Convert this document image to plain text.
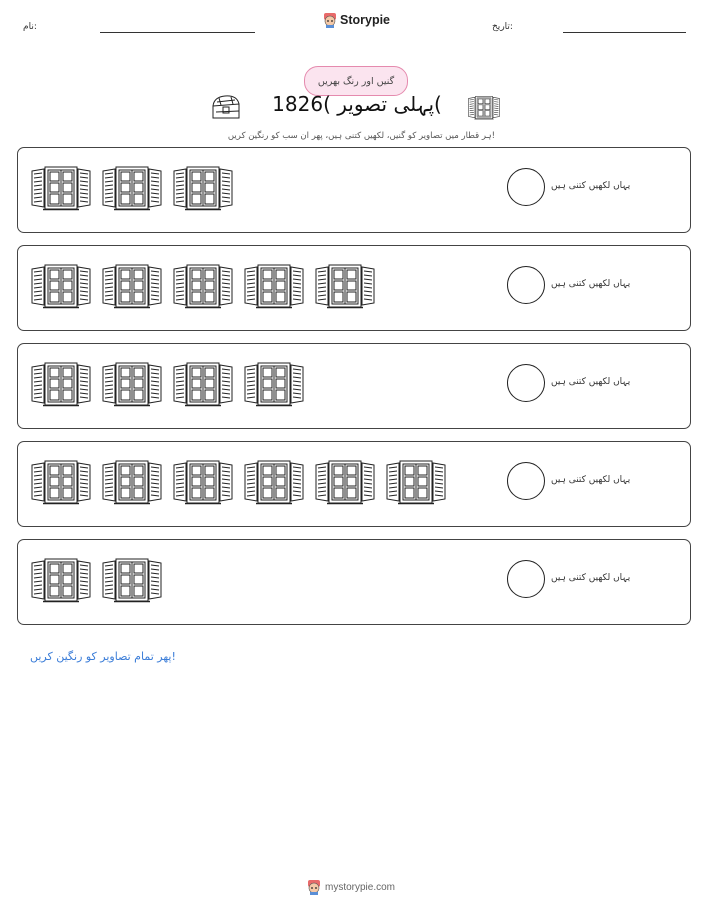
نام:	Storypie	تاریخ:
گنیں اور رنگ بھریں
پہلی تصویر )1826(
ہر قطار میں تصاویر کو گنیں، لکھیں کتنی ہیں، پھر ان سب کو رنگین کریں!
یہاں لکھیں کتنی ہیں
یہاں لکھیں کتنی ہیں
یہاں لکھیں کتنی ہیں
یہاں لکھیں کتنی ہیں
یہاں لکھیں کتنی ہیں
پھر تمام تصاویر کو رنگین کریں!
mystorypie.com
